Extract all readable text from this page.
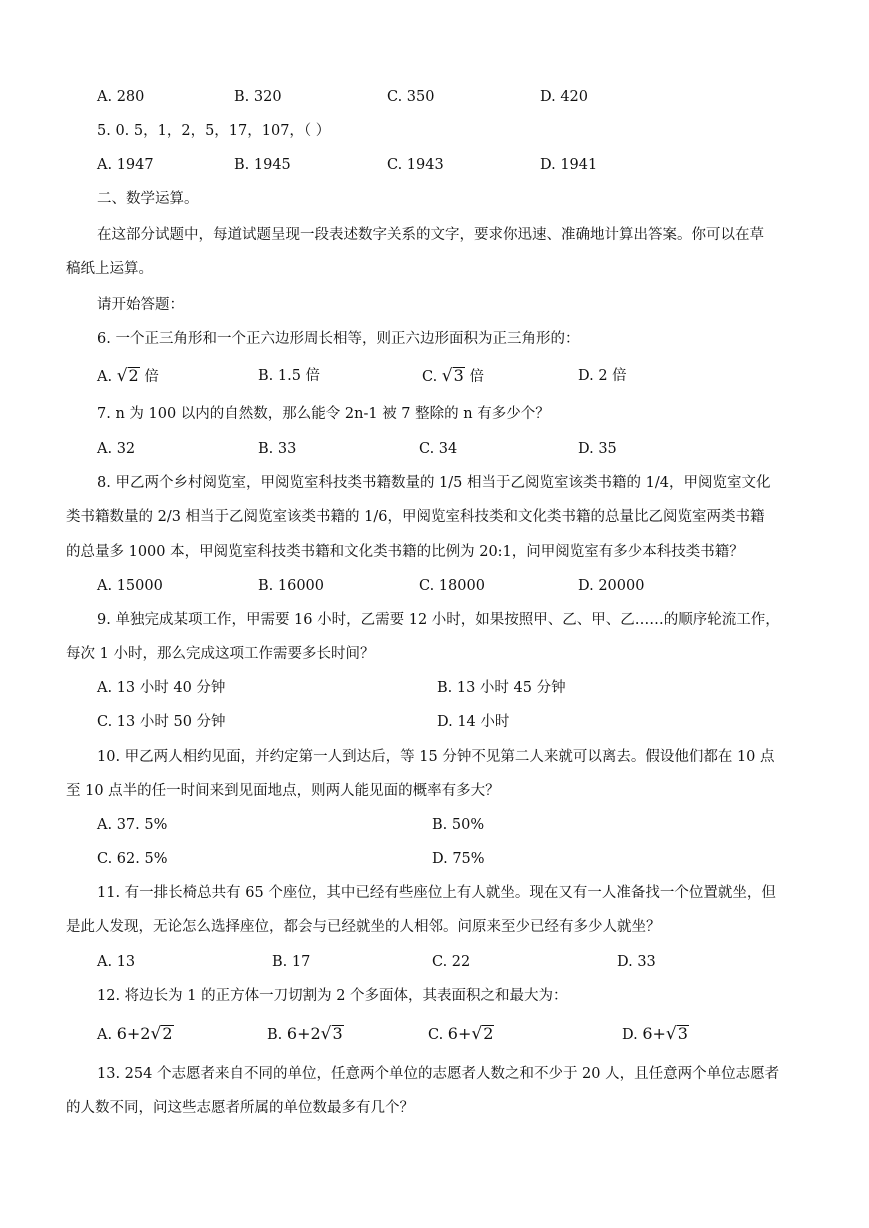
A. 280	B. 320	C. 350	D. 420
5. 0. 5，1，2，5，17，107，（ ）
A. 1947	B. 1945	C. 1943	D. 1941
二、数学运算。
在这部分试题中，每道试题呈现一段表述数字关系的文字，要求你迅速、准确地计算出答案。你可以在草
稿纸上运算。
请开始答题：
6. 一个正三角形和一个正六边形周长相等，则正六边形面积为正三角形的：
A. √2 倍	B. 1.5 倍	C. √3 倍	D. 2 倍
7. n 为 100 以内的自然数，那么能令 2n-1 被 7 整除的 n 有多少个？
A. 32	B. 33	C. 34	D. 35
8. 甲乙两个乡村阅览室，甲阅览室科技类书籍数量的 1/5 相当于乙阅览室该类书籍的 1/4，甲阅览室文化
类书籍数量的 2/3 相当于乙阅览室该类书籍的 1/6，甲阅览室科技类和文化类书籍的总量比乙阅览室两类书籍
的总量多 1000 本，甲阅览室科技类书籍和文化类书籍的比例为 20:1，问甲阅览室有多少本科技类书籍？
A. 15000	B. 16000	C. 18000	D. 20000
9. 单独完成某项工作，甲需要 16 小时，乙需要 12 小时，如果按照甲、乙、甲、乙……的顺序轮流工作，
每次 1 小时，那么完成这项工作需要多长时间？
A. 13 小时 40 分钟	B. 13 小时 45 分钟
C. 13 小时 50 分钟	D. 14 小时
10. 甲乙两人相约见面，并约定第一人到达后，等 15 分钟不见第二人来就可以离去。假设他们都在 10 点
至 10 点半的任一时间来到见面地点，则两人能见面的概率有多大？
A. 37. 5%	B. 50%
C. 62. 5%	D. 75%
11. 有一排长椅总共有 65 个座位，其中已经有些座位上有人就坐。现在又有一人准备找一个位置就坐，但
是此人发现，无论怎么选择座位，都会与已经就坐的人相邻。问原来至少已经有多少人就坐？
A. 13	B. 17	C. 22	D. 33
12. 将边长为 1 的正方体一刀切割为 2 个多面体，其表面积之和最大为：
A. 6+2√2	B. 6+2√3	C. 6+√2	D. 6+√3
13. 254 个志愿者来自不同的单位，任意两个单位的志愿者人数之和不少于 20 人，且任意两个单位志愿者
的人数不同，问这些志愿者所属的单位数最多有几个？
